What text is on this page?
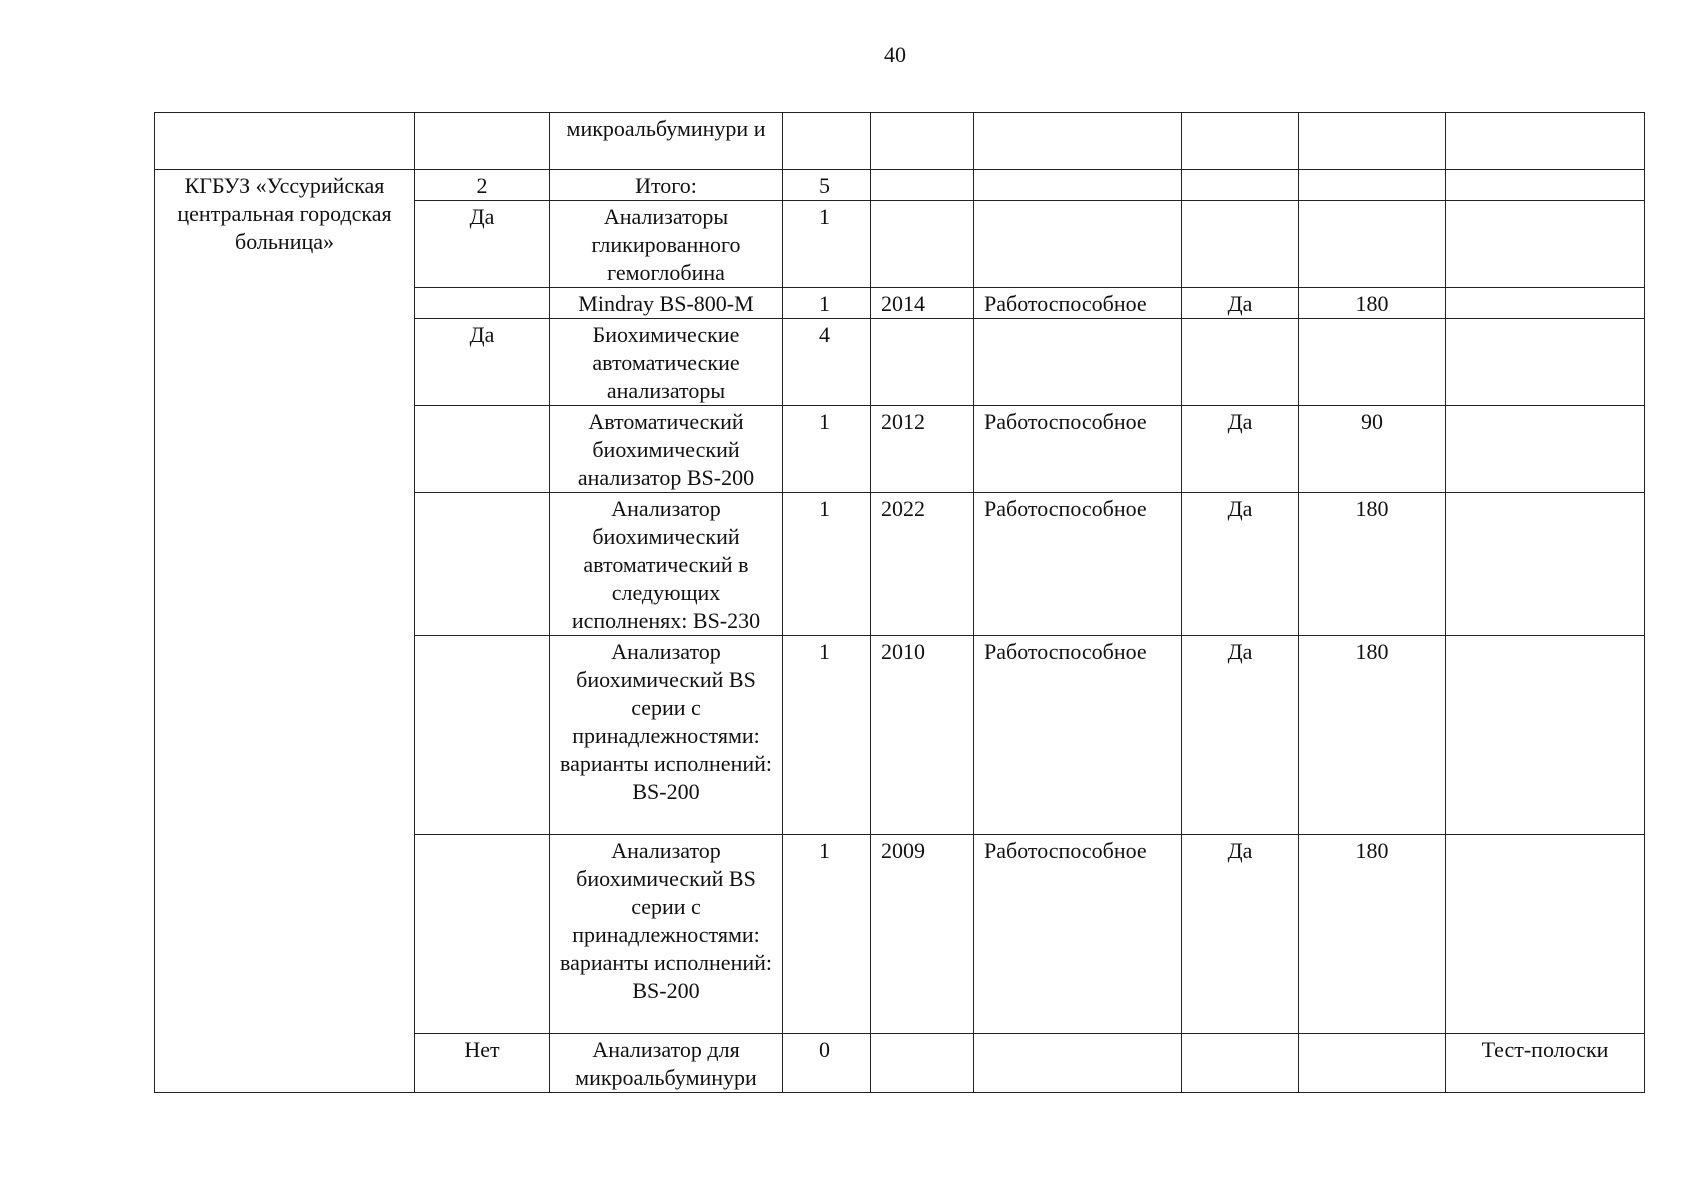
40
		микроальбуминури и						
КГБУЗ «Уссурийская центральная городская больница»	2	Итого:	5					
	Да	Анализаторы гликированного гемоглобина	1					
		Mindray BS-800-M	1	2014	Работоспособное	Да	180	
	Да	Биохимические автоматические анализаторы	4					
		Автоматический биохимический анализатор BS-200	1	2012	Работоспособное	Да	90	
		Анализатор биохимический автоматический в следующих исполненях: BS-230	1	2022	Работоспособное	Да	180	
		Анализатор биохимический BS серии с принадлежностями: варианты исполнений: BS-200	1	2010	Работоспособное	Да	180	
		Анализатор биохимический BS серии с принадлежностями: варианты исполнений: BS-200	1	2009	Работоспособное	Да	180	
	Нет	Анализатор для микроальбуминури	0					Тест-полоски
